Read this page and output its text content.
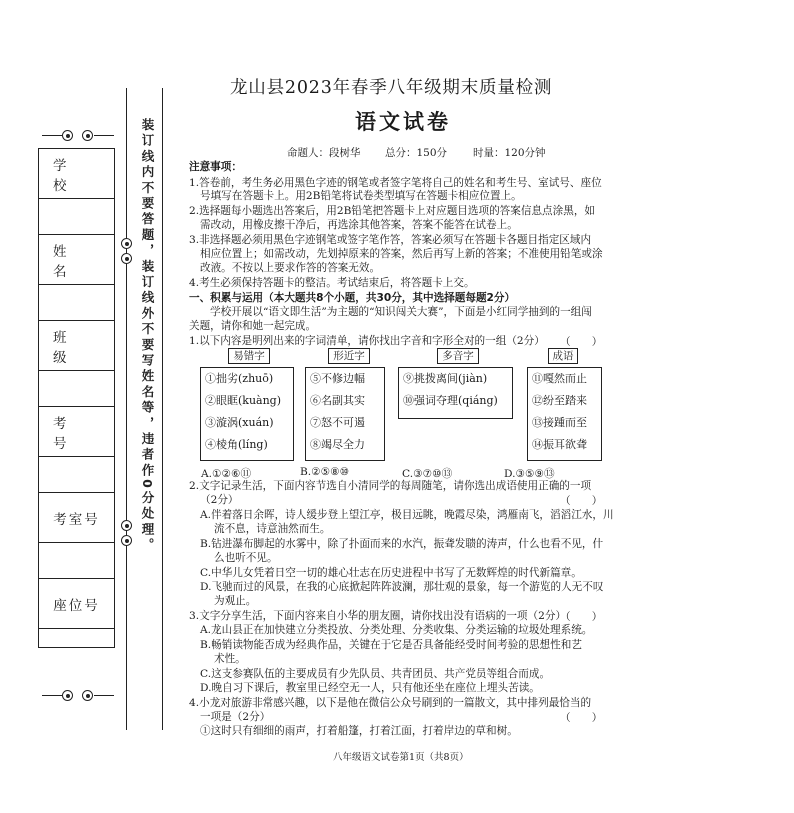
装订线内不要答题，装订线外不要写姓名等，违者作0分处理。
学　校
姓　名
班　级
考　号
考室号
座位号
龙山县2023年春季八年级期末质量检测
语文试卷
命题人：段树华 总分：150分 时量：120分钟
注意事项：
1.答卷前，考生务必用黑色字迹的钢笔或者签字笔将自己的姓名和考生号、室试号、座位
号填写在答题卡上。用2B铅笔将试卷类型填写在答题卡相应位置上。
2.选择题每小题选出答案后，用2B铅笔把答题卡上对应题目选项的答案信息点涂黑，如
需改动，用橡皮擦干净后，再选涂其他答案，答案不能答在试卷上。
3.非选择题必须用黑色字迹钢笔或签字笔作答，答案必须写在答题卡各题目指定区域内
相应位置上；如需改动，先划掉原来的答案，然后再写上新的答案；不准使用铅笔或涂
改液。不按以上要求作答的答案无效。
4.考生必须保持答题卡的整洁。考试结束后，将答题卡上交。
一、积累与运用（本大题共8个小题，共30分，其中选择题每题2分）
学校开展以“语文即生活”为主题的“知识闯关大赛”，下面是小红同学抽到的一组闯
关题，请你和她一起完成。
1.以下内容是明列出来的字词清单，请你找出字音和字形全对的一组（2分） （　　）
①拙劣(zhuō)
②眼眶(kuàng)
③漩涡(xuán)
④棱角(líng)
易错字
⑤不修边幅
⑥名副其实
⑦怒不可遏
⑧竭尽全力
形近字
⑨挑拨离间(jiàn)
⑩强词夺理(qiáng)
多音字
⑪嘎然而止
⑫纷至踏来
⑬接踵而至
⑭振耳欲聋
成语
A.①②⑥⑪	B.②⑤⑧⑩	C.③⑦⑩⑬	D.③⑤⑨⑬
2.文字记录生活，下面内容节选自小清同学的每周随笔，请你选出成语使用正确的一项
（2分）	（　　）
A.伴着落日余晖，诗人缓步登上望江亭，极目远眺，晚霞尽染，鸿雁南飞，滔滔江水，川
流不息，诗意油然而生。
B.钻进瀑布脚起的水雾中，除了扑面而来的水汽，振聋发聩的涛声，什么也看不见，什
么也听不见。
C.中华儿女凭着日空一切的雄心壮志在历史进程中书写了无数辉煌的时代新篇章。
D.飞驰而过的风景，在我的心底掀起阵阵波澜，那壮观的景象，每一个游览的人无不叹
为观止。
3.文字分享生活，下面内容来自小华的朋友圈，请你找出没有语病的一项（2分）
（　　）
A.龙山县正在加快建立分类投放、分类处理、分类收集、分类运输的垃圾处理系统。
B.畅销读物能否成为经典作品，关键在于它是否具备能经受时间考验的思想性和艺
术性。
C.这支参赛队伍的主要成员有少先队员、共青团员、共产党员等组合而成。
D.晚自习下课后，教室里已经空无一人，只有他还坐在座位上埋头苦读。
4.小龙对旅游非常感兴趣，以下是他在微信公众号刷到的一篇散文，其中排列最恰当的
一项是（2分）	（　　）
①这时只有细细的雨声，打着船篷，打着江面，打着岸边的草和树。
八年级语文试卷第1页（共8页）
